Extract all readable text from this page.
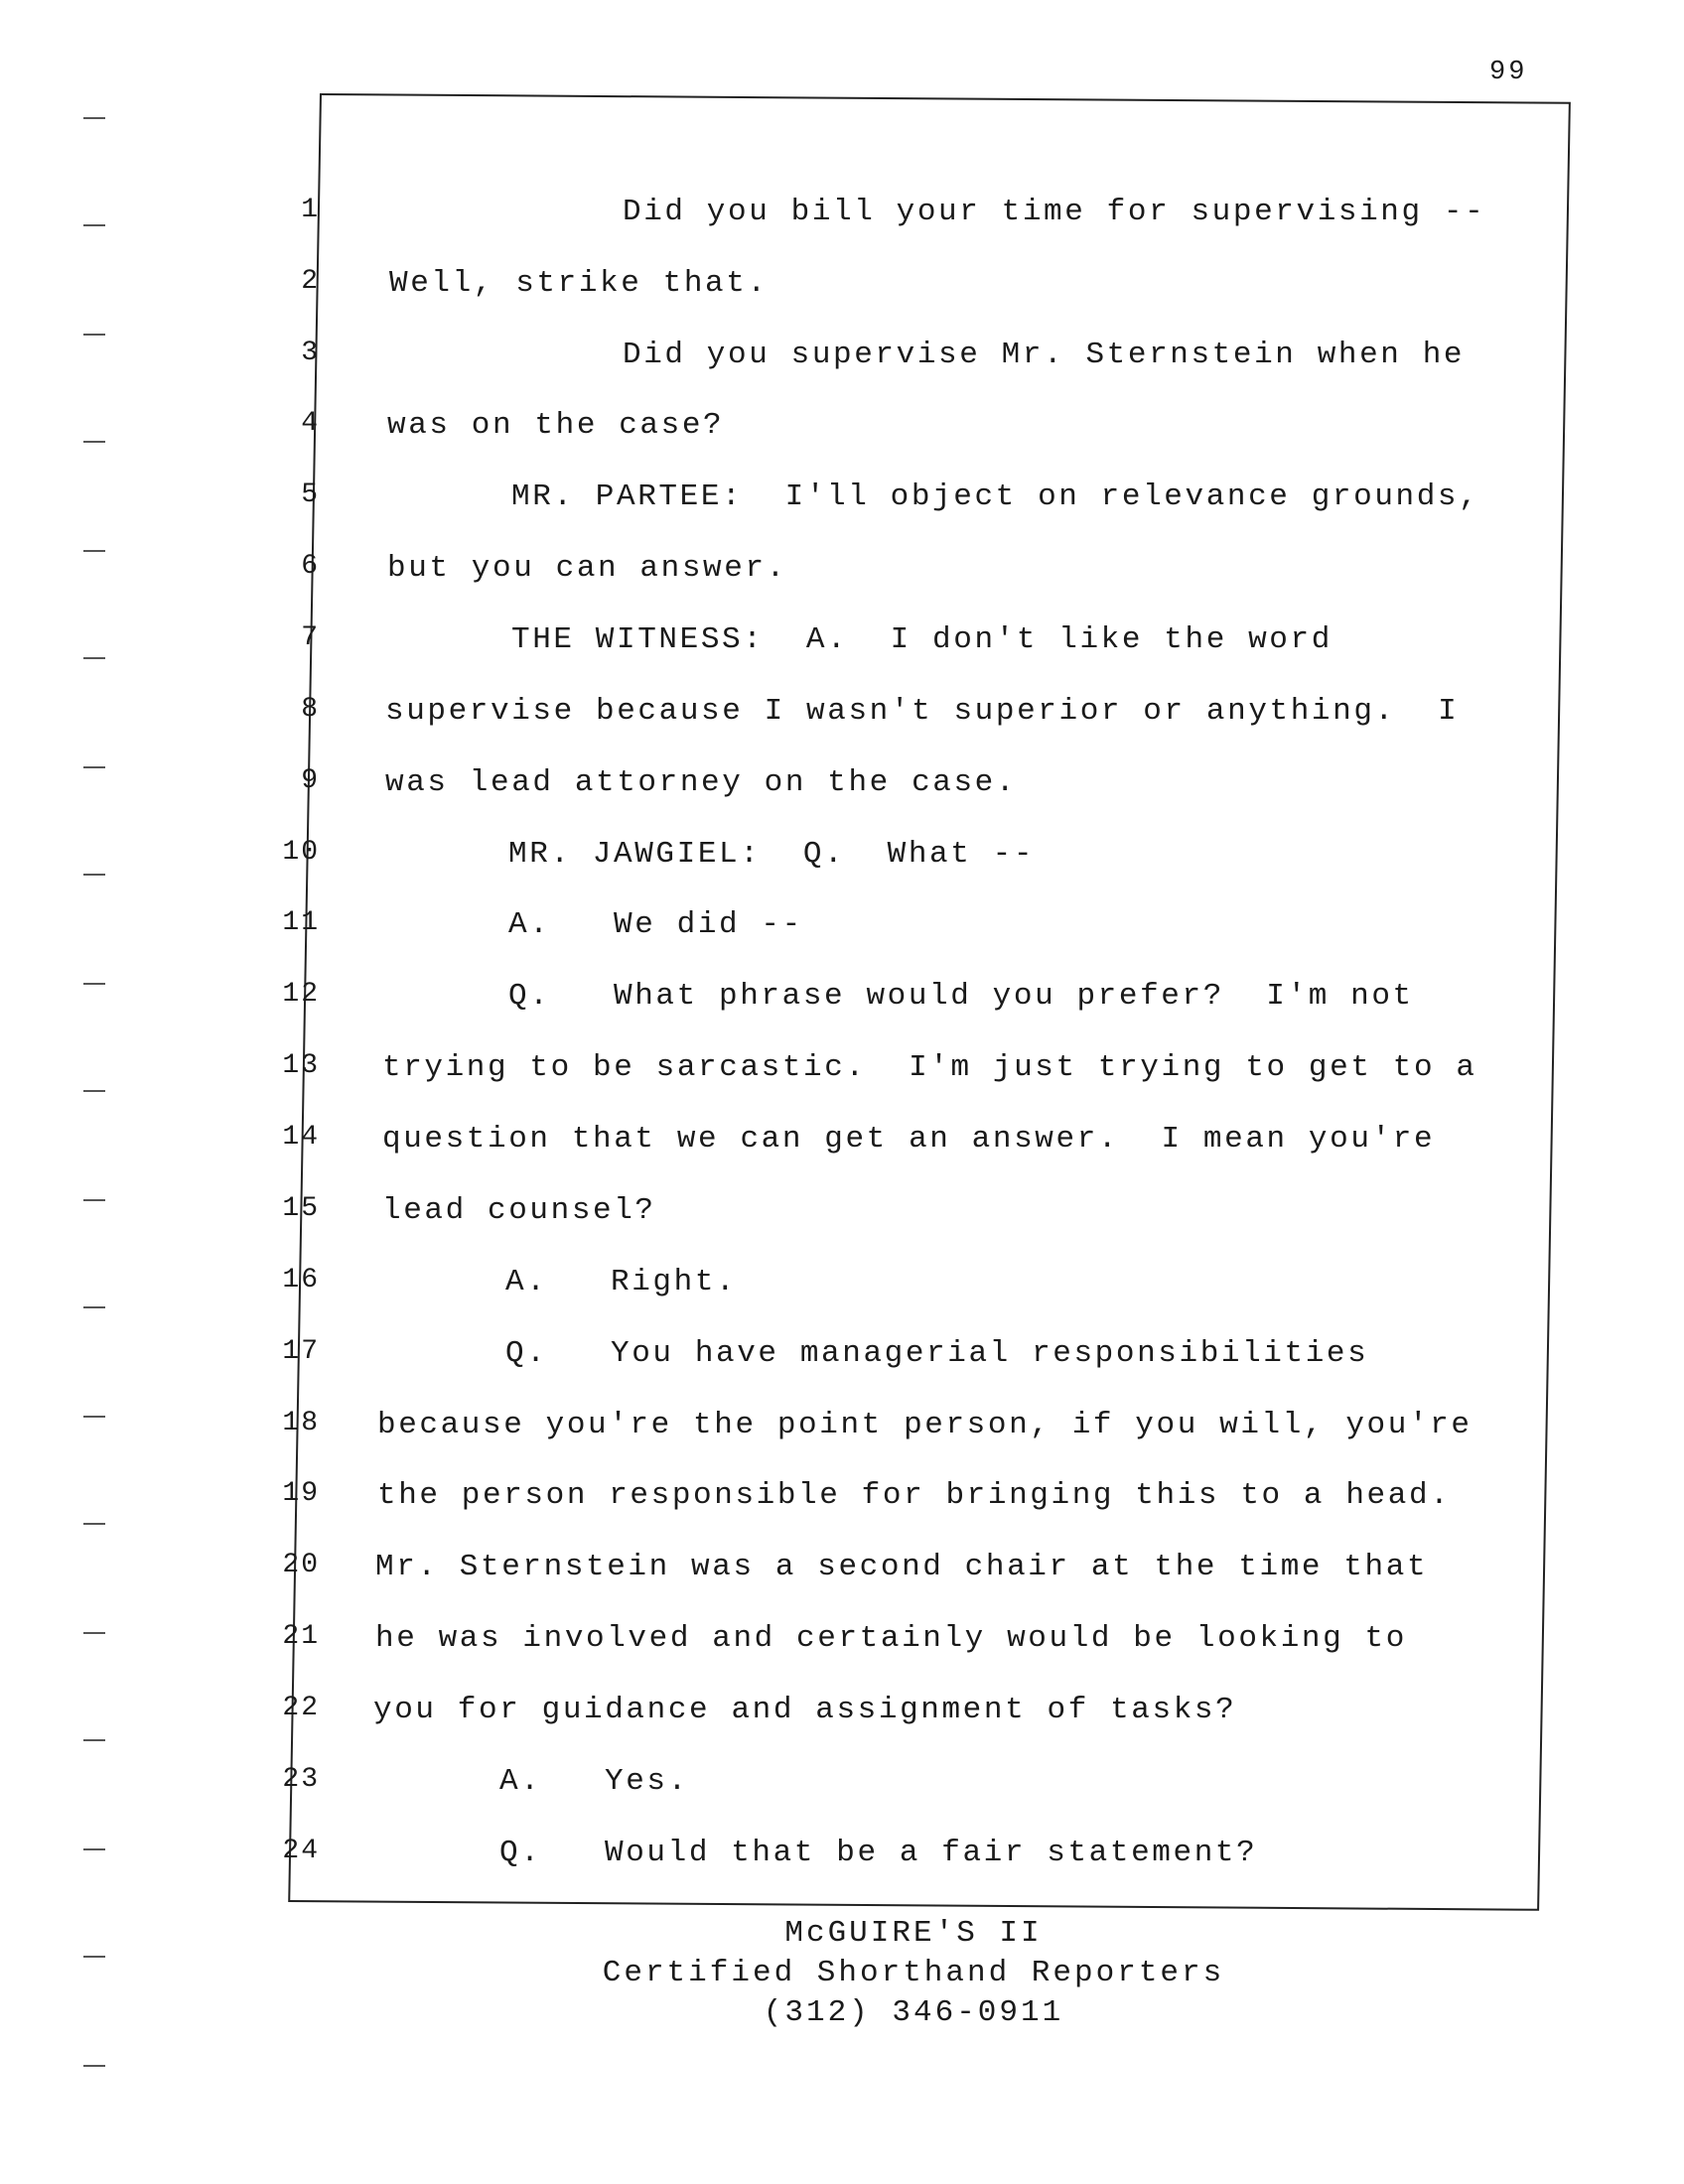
99
1	Did you bill your time for supervising --
2 Well, strike that.
3	Did you supervise Mr. Sternstein when he
4 was on the case?
5	MR. PARTEE:  I'll object on relevance grounds,
6 but you can answer.
7	THE WITNESS:  A.  I don't like the word
8 supervise because I wasn't superior or anything.  I
9 was lead attorney on the case.
10	MR. JAWGIEL:  Q.  What --
11	A.   We did --
12	Q.   What phrase would you prefer?  I'm not
13 trying to be sarcastic.  I'm just trying to get to a
14 question that we can get an answer.  I mean you're
15 lead counsel?
16	A.   Right.
17	Q.   You have managerial responsibilities
18 because you're the point person, if you will, you're
19 the person responsible for bringing this to a head.
20 Mr. Sternstein was a second chair at the time that
21 he was involved and certainly would be looking to
22 you for guidance and assignment of tasks?
23	A.   Yes.
24	Q.   Would that be a fair statement?
McGUIRE'S II
Certified Shorthand Reporters
(312) 346-0911
